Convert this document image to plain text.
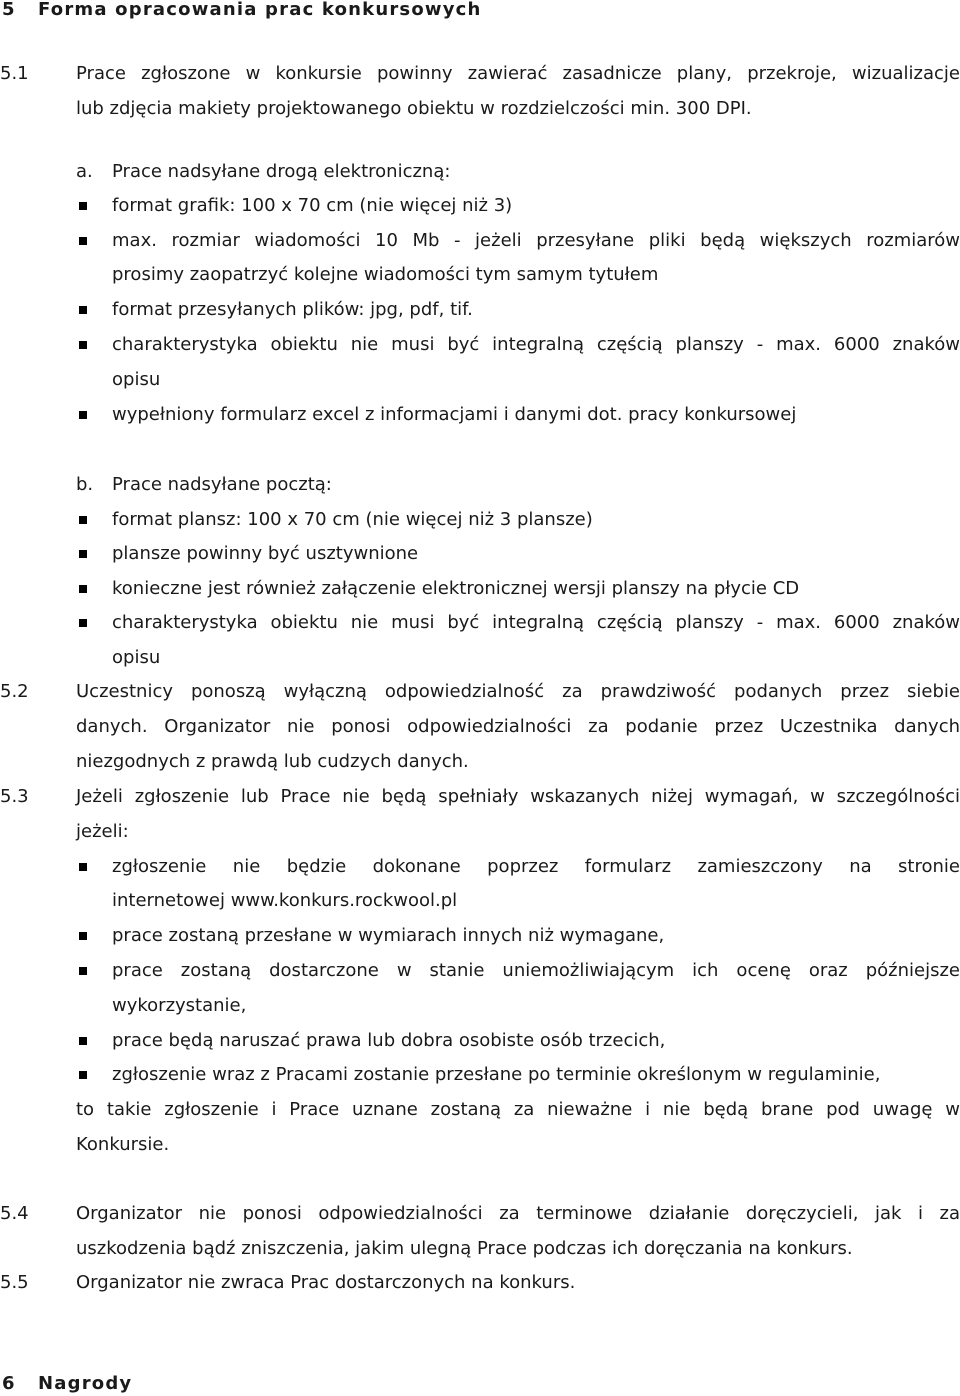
5 Forma opracowania prac konkursowych
5.1	Prace zgłoszone w konkursie powinny zawierać zasadnicze plany, przekroje, wizualizacje
lub zdjęcia makiety projektowanego obiektu w rozdzielczości min. 300 DPI.
a. Prace nadsyłane drogą elektroniczną:
format grafik: 100 x 70 cm (nie więcej niż 3)
max. rozmiar wiadomości 10 Mb - jeżeli przesyłane pliki będą większych rozmiarów
prosimy zaopatrzyć kolejne wiadomości tym samym tytułem
format przesyłanych plików: jpg, pdf, tif.
charakterystyka obiektu nie musi być integralną częścią planszy - max. 6000 znaków
opisu
wypełniony formularz excel z informacjami i danymi dot. pracy konkursowej
b. Prace nadsyłane pocztą:
format plansz: 100 x 70 cm (nie więcej niż 3 plansze)
plansze powinny być usztywnione
konieczne jest również załączenie elektronicznej wersji planszy na płycie CD
charakterystyka obiektu nie musi być integralną częścią planszy - max. 6000 znaków
opisu
5.2	Uczestnicy ponoszą wyłączną odpowiedzialność za prawdziwość podanych przez siebie
danych. Organizator nie ponosi odpowiedzialności za podanie przez Uczestnika danych
niezgodnych z prawdą lub cudzych danych.
5.3	Jeżeli zgłoszenie lub Prace nie będą spełniały wskazanych niżej wymagań, w szczególności
jeżeli:
zgłoszenie nie będzie dokonane poprzez formularz zamieszczony na stronie
internetowej www.konkurs.rockwool.pl
prace zostaną przesłane w wymiarach innych niż wymagane,
prace zostaną dostarczone w stanie uniemożliwiającym ich ocenę oraz późniejsze
wykorzystanie,
prace będą naruszać prawa lub dobra osobiste osób trzecich,
zgłoszenie wraz z Pracami zostanie przesłane po terminie określonym w regulaminie,
to takie zgłoszenie i Prace uznane zostaną za nieważne i nie będą brane pod uwagę w
Konkursie.
5.4	Organizator nie ponosi odpowiedzialności za terminowe działanie doręczycieli, jak i za
uszkodzenia bądź zniszczenia, jakim ulegną Prace podczas ich doręczania na konkurs.
5.5	Organizator nie zwraca Prac dostarczonych na konkurs.
6 Nagrody
